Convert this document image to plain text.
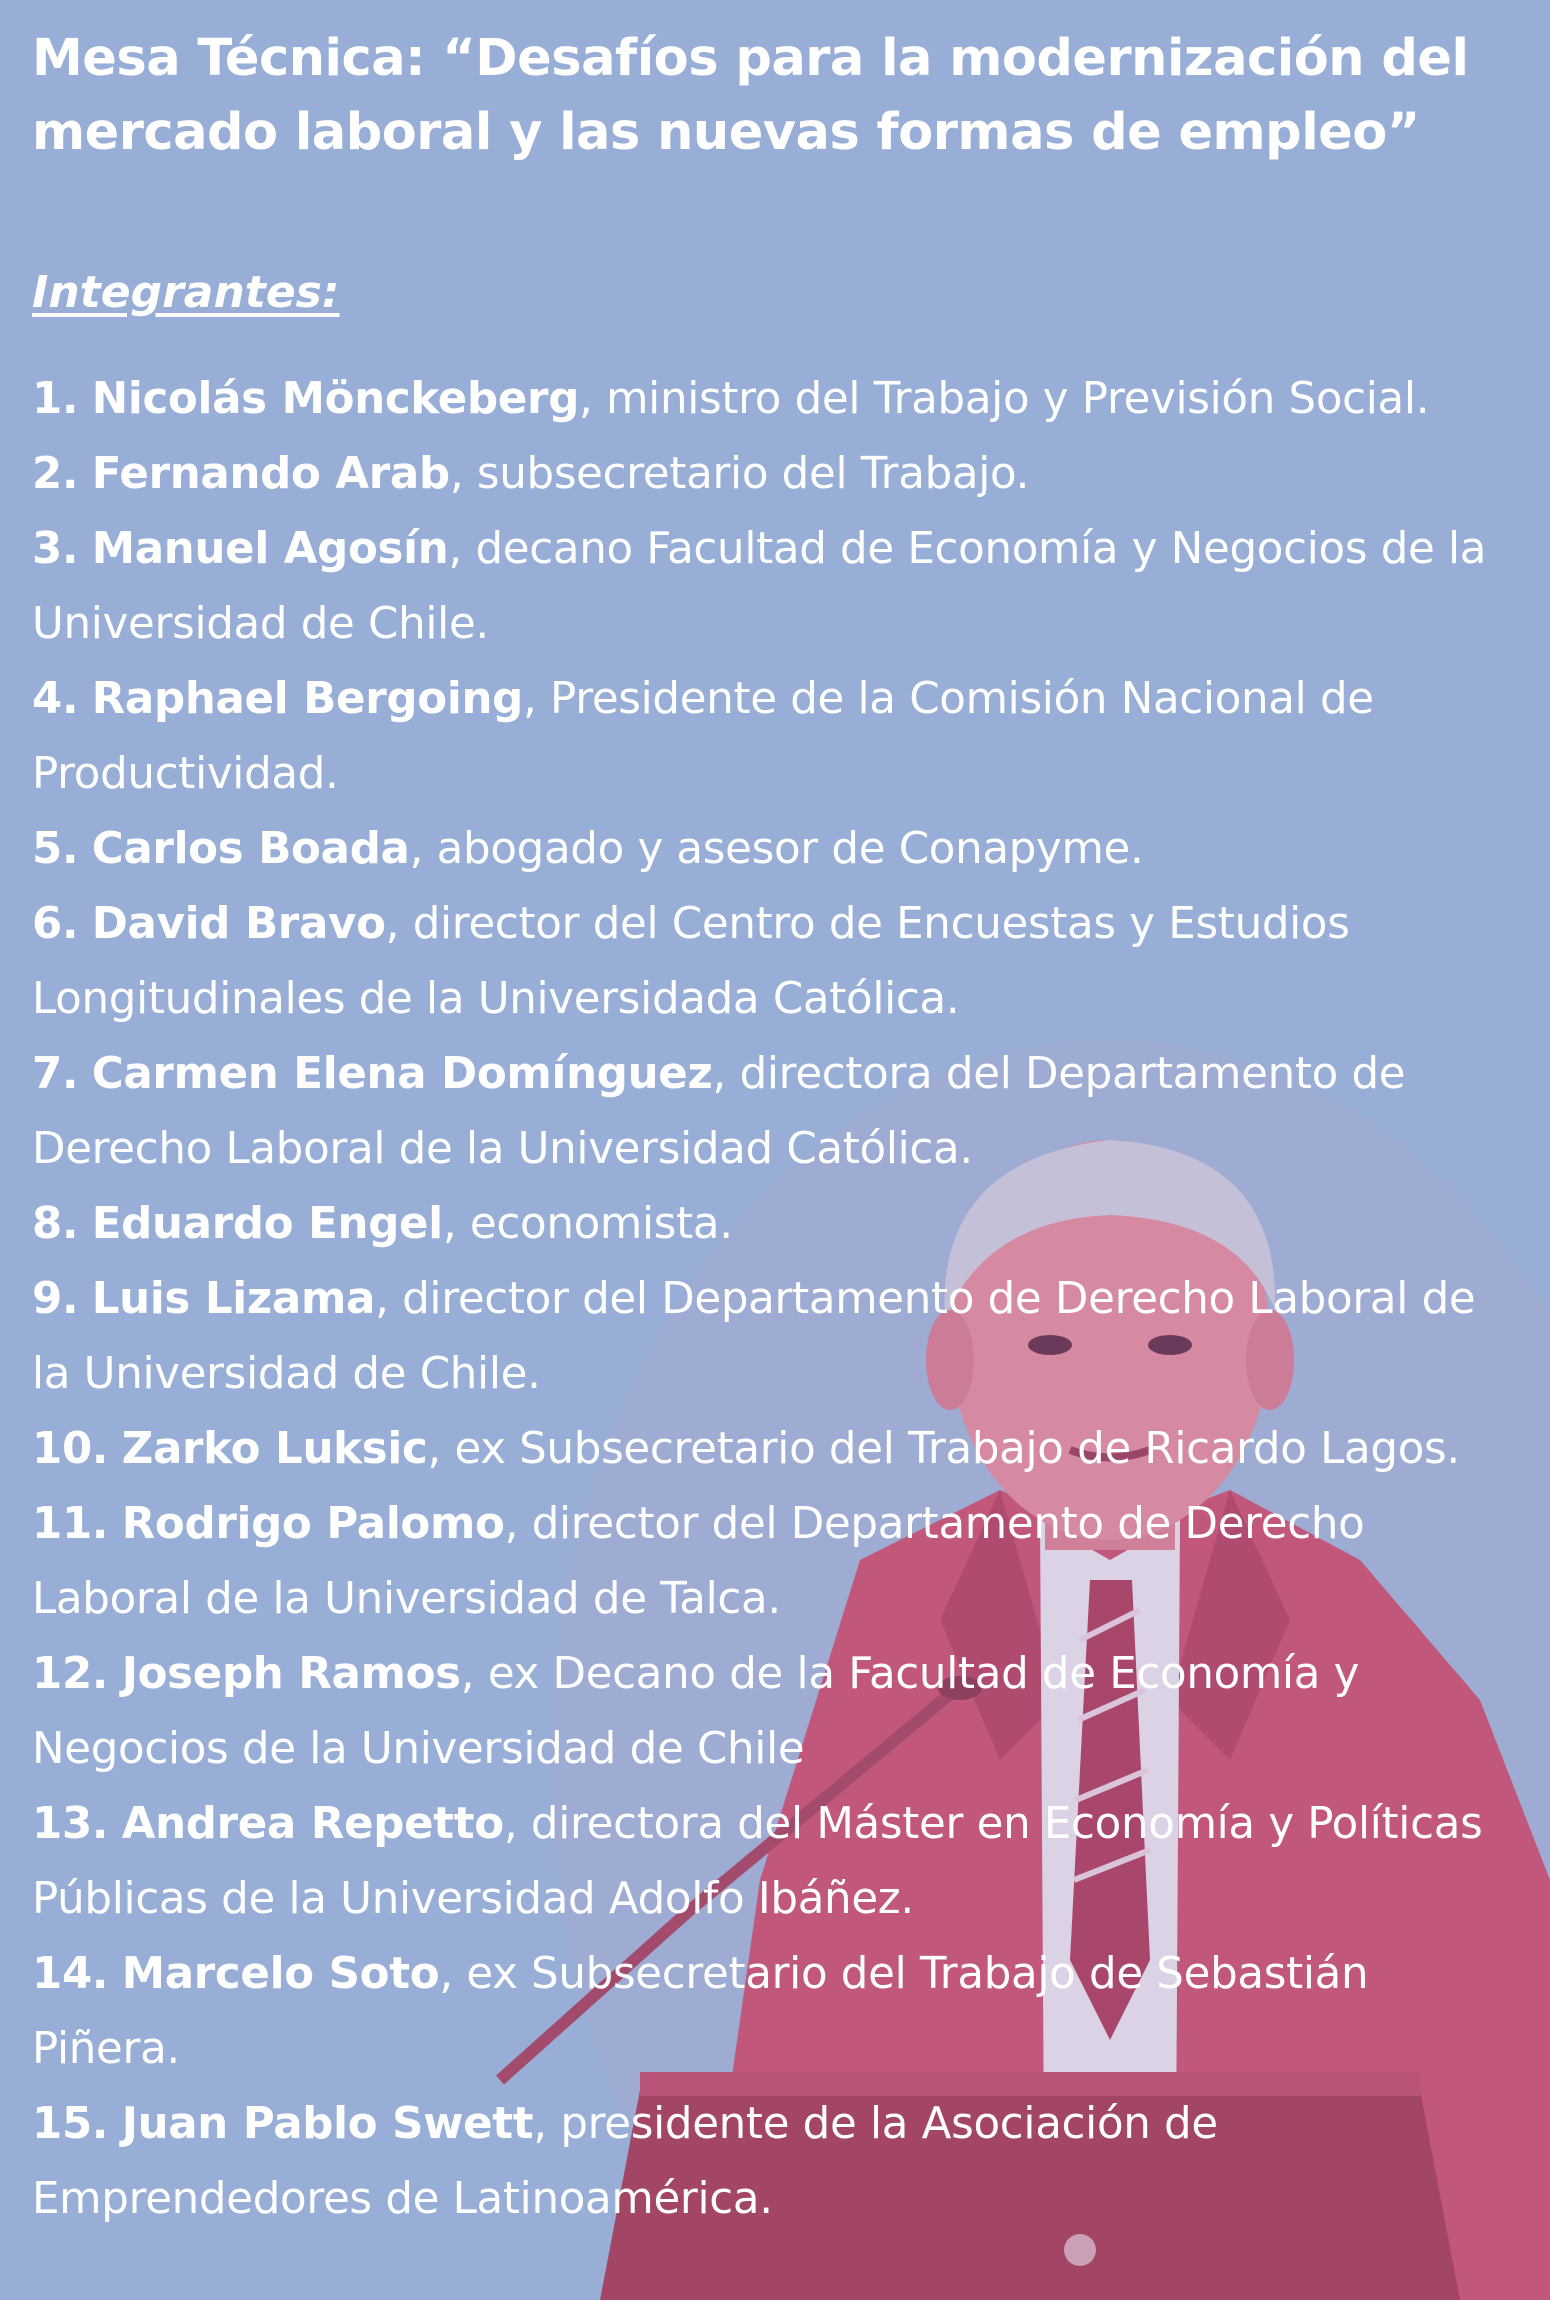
Mesa Técnica: “Desafíos para la modernización del mercado laboral y las nuevas formas de empleo”
Integrantes:
1. Nicolás Mönckeberg, ministro del Trabajo y Previsión Social.
2. Fernando Arab, subsecretario del Trabajo.
3. Manuel Agosín, decano Facultad de Economía y Negocios de la Universidad de Chile.
4. Raphael Bergoing, Presidente de la Comisión Nacional de Productividad.
5. Carlos Boada, abogado y asesor de Conapyme.
6. David Bravo, director del Centro de Encuestas y Estudios Longitudinales de la Universidada Católica.
7. Carmen Elena Domínguez, directora del Departamento de Derecho Laboral de la Universidad Católica.
8. Eduardo Engel, economista.
9. Luis Lizama, director del Departamento de Derecho Laboral de la Universidad de Chile.
10. Zarko Luksic, ex Subsecretario del Trabajo de Ricardo Lagos.
11. Rodrigo Palomo, director del Departamento de Derecho Laboral de la Universidad de Talca.
12. Joseph Ramos, ex Decano de la Facultad de Economía y Negocios de la Universidad de Chile
13. Andrea Repetto, directora del Máster en Economía y Políticas Públicas de la Universidad Adolfo Ibáñez.
14. Marcelo Soto, ex Subsecretario del Trabajo de Sebastián Piñera.
15. Juan Pablo Swett, presidente de la Asociación de Emprendedores de Latinoamérica.
